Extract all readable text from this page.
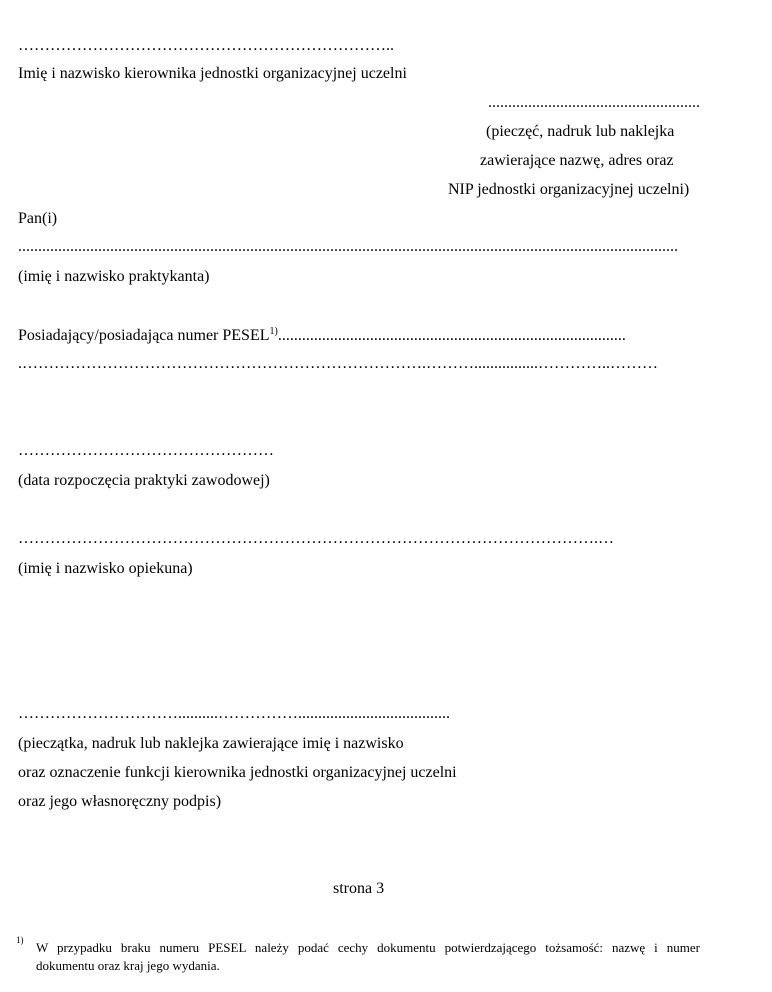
……………………………………………………………..
Imię i nazwisko kierownika jednostki organizacyjnej uczelni
.....................................................
(pieczęć, nadruk lub naklejka
zawierające nazwę, adres oraz
NIP jednostki organizacyjnej uczelni)
Pan(i)
.....................................................................................................................................................................
(imię i nazwisko praktykanta)
Posiadający/posiadająca numer PESEL$^{1)}$.......................................................................................
.………………………………………………………………….………................…………..………
…………………………………………
(data rozpoczęcia praktyki zawodowej)
……………………………………………………………………………………………….…
(imię i nazwisko opiekuna)
…………………………..........……………......................................
(pieczątka, nadruk lub naklejka zawierające imię i nazwisko
oraz oznaczenie funkcji kierownika jednostki organizacyjnej uczelni
oraz jego własnoręczny podpis)
strona 3
1) W przypadku braku numeru PESEL należy podać cechy dokumentu potwierdzającego tożsamość: nazwę i numer
dokumentu oraz kraj jego wydania.
